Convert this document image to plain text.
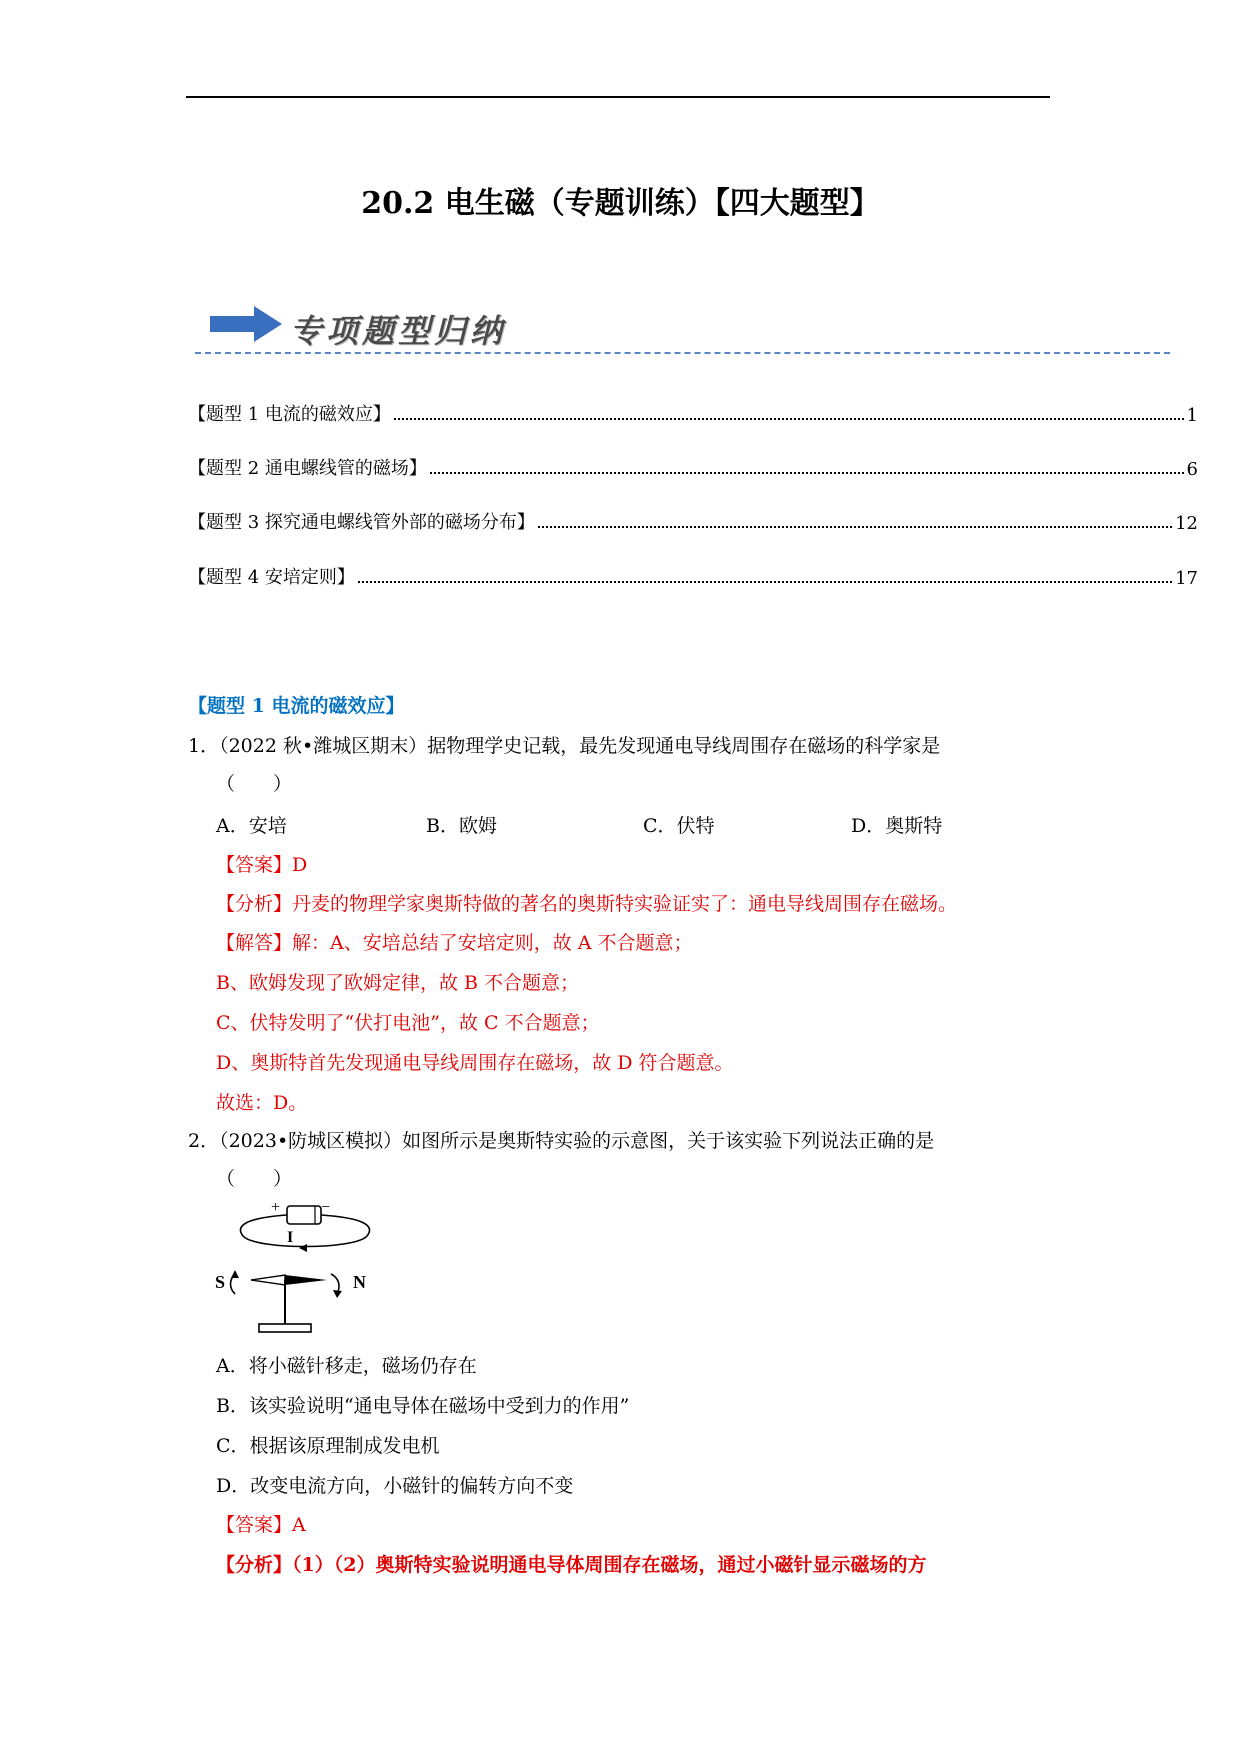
20.2 电生磁（专题训练）【四大题型】
专项题型归纳
【题型 1 电流的磁效应】	1
【题型 2 通电螺线管的磁场】	6
【题型 3 探究通电螺线管外部的磁场分布】	12
【题型 4 安培定则】	17
【题型 1 电流的磁效应】
1．（2022 秋•潍城区期末）据物理学史记载，最先发现通电导线周围存在磁场的科学家是
（　　）
A．安培	B．欧姆	C．伏特	D．奥斯特
【答案】D
【分析】丹麦的物理学家奥斯特做的著名的奥斯特实验证实了：通电导线周围存在磁场。
【解答】解：A、安培总结了安培定则，故 A 不合题意；
B、欧姆发现了欧姆定律，故 B 不合题意；
C、伏特发明了“伏打电池”，故 C 不合题意；
D、奥斯特首先发现通电导线周围存在磁场，故 D 符合题意。
故选：D。
2．（2023•防城区模拟）如图所示是奥斯特实验的示意图，关于该实验下列说法正确的是
（　　）
+	−
I
S	N
A．将小磁针移走，磁场仍存在
B．该实验说明“通电导体在磁场中受到力的作用”
C．根据该原理制成发电机
D．改变电流方向，小磁针的偏转方向不变
【答案】A
【分析】（1）（2）奥斯特实验说明通电导体周围存在磁场，通过小磁针显示磁场的方
